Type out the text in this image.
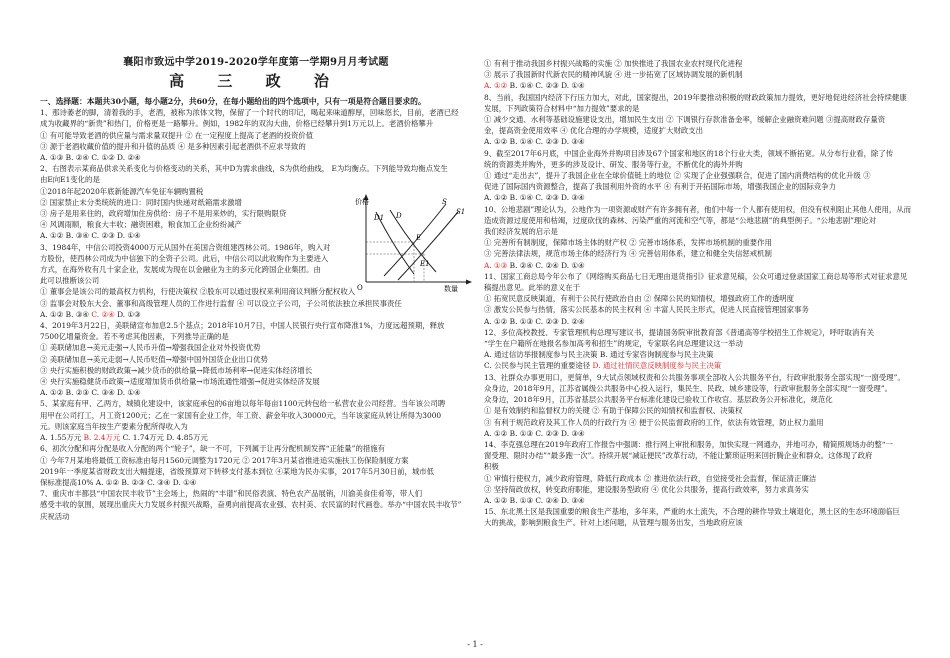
襄阳市致远中学2019-2020学年度第一学期9月月考试题
高 三 政 治
一、选择题：本题共30小题，每小题2分，共60分，在每小题给出的四个选项中，只有一项是符合题目要求的。
1、那诗萎老的脚，清着我的手，老酒，被称为浓体文物，保留了一个时代的印记，喝起来味道醇厚，回味悠长，目前，老酒已经
成为收藏界的“新贵”和热门，价格更是一路攀升。例如，1982年的双沟大曲，价格已经攀升到1万元以上。老酒价格攀升
① 有可能导致老酒的供应量与需求量双提升 ② 在一定程度上提高了老酒的投资价值
③ 源于老酒收藏价值的提升和升值的品质 ④ 是多种因素引起老酒供不应求导致的
A. ①③ B. ②④ C. ①② D. ②④
2、右图表示某商品供求关系变化与价格变动的关系，其中D为需求曲线，S为供给曲线， E为均衡点。下列能导致均衡点发生
由E向E1变化的是
①2018年起2020年底新能源汽车免征车辆购置税
② 国家禁止未分类统统的进口：同时国内快递对纸箱需求激增
③ 房子是用来住的，政府增加住房供给：房子不是用来炒的，实行限购限贷
④ 风调雨顺，粮食大丰收；融资困难，粮食加工企业纷纷减产
A. ①② B. ③④ C. ②③ D. ①④
3、1984年，中信公司投资4000万元从国外在美国合资组建西林公司。1986年，购入对
方股份，使西林公司成为中信独下的全资子公司。此后，中信公司以此收购作为主要进入
方式，在海外收有几十家企业，发展成为现在以金融业为主的多元化跨国企业集团。由
此可以推断该公司
① 董事会是该公司的最高权力机构，行使决策权 ②股东可以通过股权来利用商议判断分配权收入
③ 监事会对股东大会、董事和高级管理人员的工作进行监督 ④ 可以设立子公司，子公司依法独立承担民事责任
A. ①② B. ③④ C. ②④ D. ①③
4、2019年3月22日，美联储宣布加息2.5个基点；2018年10月7日，中国人民银行央行宣布降准1%，力度远超预期，释放
7500亿增量资金。若不考虑其他因素，下列推导正确的是
① 美联储加息→美元走强→人民币升值→增强我国企业对外投资优势
② 美联储加息→美元走弱→人民币贬值→增强中国外国货企业出口优势
③ 央行实施积极的财政政策→减少货币的供给量→降低市场利率→促进实体经济增长
④ 央行实施稳健货币政策→适度增加货币供给量→市场流通性增强→促进实体经济发展
A. ①② B. ②③ C. ③④ D. ①④
5、某家庭有甲、乙两方，城镇化建设中，该家庭承包的6亩地以每年每亩1100元转包给一私营农业公司经营。当年该公司聘
用甲在公司打工，月工资1200元；乙在一家国有企业工作，年工资、薪金年收入30000元，当年该家庭从转让所得为3000
元。则该家庭当年按生产要素分配所得收入为
A. 1.55万元 B. 2.4万元 C. 1.74万元 D. 4.85万元
6、初次分配和再分配是收入分配的两个“轮子”，缺一不可，下列属于让再分配机制发挥“正能量”的措施有
① 今年7月某地将最低工资标准由每月1560元调整为1720元 ② 2017年3月某省推进追实施扶工伤保险制度方案
2019年一季度某省财政支出大幅提速，省级预算对下转移支付基本到位 ④某地为民办实事，2017年5月30日前，城市低
保标准提高10% A. ①② B. ②③ C. ③④ D. ①④
7、重庆市丰都县“中国农民丰收节”主会场上，热闹的“丰谱”和民俗表演、特色农产品展销，川渝美食佳肴等，带人们
感受丰收的氛围，展现出重庆大力发展乡村振兴战略，奋勇向前提高农业强、农村美、农民富的时代画卷。举办“中国农民丰收节”
庆祝活动
① 有利于推动我国乡村振兴战略的实施 ② 加快推进了我国农业农村现代化进程
③ 展示了我国新时代新农民的精神风貌 ④ 进一步拓宽了区域协调发展的新机制
A. ①② B. ①④ C. ②③ D. ①④
8、当前，我国国内经济下行压力加大，对此，国家提出，2019年要推动积极的财政政策加力提效，更好地促进经济社会持续健康
发展，下列政策符合材料中“加力提效”要求的是
① 减少交通、水利等基础设施建设支出，增加民生支出 ② 下调银行存款准备金率，缓解企业融资难问题 ③提高财政存量资
金，提高资金使用效率 ④ 优化合理的办学规模，适度扩大财政支出
A. ①② B. ①④ C. ②③ D. ③④
9、截至2017年6月底，中国企业海外并购项目涉及67个国家和地区的18个行业大类，领域不断拓宽。从分布行业看，除了传
统的资源类并购外，更多的涉及设计、研发、服务等行业，不断优化的海外并购
① 通过“走出去”，提升了我国企业在全球价值链上的地位 ② 实现了企业强强联合，促进了国内消费结构的优化升级 ③
促进了国际国内资源整合，提高了我国利用外资的水平 ④ 有利于开拓国际市场，增强我国企业的国际竞争力
A. ①② B. ①④ C. ②③ D. ③④
10、公地悲剧”理论认为，公地作为一项资源或财产有许多拥有者，他们中每一个人都有使用权，但没有权利阻止其他人使用，从而
造成资源过度使用和枯竭，过度砍伐的森林、污染严重的河流和空气等，都是“公地悲剧”的典型例子。“公地悲剧”理论对
我们经济发展的启示是
① 完善所有制制度，保障市场主体的财产权 ② 完善市场体系，发挥市场机制的重要作用
③ 完善法律法规，规范市场主体的经济行为 ④ 完善信用体系，建立和健全失信惩戒机制
A. ①③ B. ②④ C. ②④ D. ①④
11、国家工商总局今年公布了《网络购买商品七日无理由退货指引》征求意见稿，公众可通过登录国家工商总局等形式对征求意见
稿提出意见。此举的意义在于
① 拓宽民意反映渠道，有利于公民行使政治自由 ② 保障公民的知情权，增强政府工作的透明度
③ 激发公民参与热情，落实公民基本的民主权利 ④ 丰富人民民主形式，促进人民直接管理国家事务
A. ①② B. ①③ C. ②③ D. ②④
12、多位高校教授、专家管理机构总理写建议书，提请国务院审批教育部《普通高等学校招生工作规定》，呼吁取消有关
“学生在户籍所在地报名参加高考和招生”的规定，专家联名向总理建议这一举动
A. 通过信访举报制度参与民主决策 B. 通过专家咨询制度参与民主决策
C. 公民参与民主管理的重要途径 D. 通过社情民意反映制度参与民主决策
13、社群众办事更用口，更简单，9大试点领域权责和公共服务事项全部收入公共服务平台，行政审批服务全部实现“一窗受理”。
众身边，2018年9月，江苏省属级公共服务中心投入运行，集民生、民政、城乡建设等，行政审批服务全部实现“一窗受理”。
众身边，2018年9月，江苏省基层公共服务平台标准化建设已验收工作收官。基层政务公开标准化，规范化
① 是有效制约和监督权力的关键 ② 有助于保障公民的知情权和监督权、决策权
③ 有利于规范政府及其工作人员的行政行为 ④ 便于公民监督政府的工作，依法有效管理，防止权力滥用
A. ①② B. ①③ C. ②③ D. ③④
14、李克强总理在2019年政府工作报告中强调：推行网上审批和服务，加快实现一网通办，并地可办，精简照规场办的整“一
窗受理、限时办结”“最多跑一次”。持续开展“减证便民”改革行动，不能让繁琐证明来回折腾企业和群众。这体现了政府
积极
① 审慎行使权力，减少政府管理，降低行政成本 ② 推进依法行政，自觉接受社会监督，保证清正廉洁
③ 坚持简政放权，转变政府职能，建设服务型政府 ④ 优化公共服务，提高行政效率，努力求真务实
A. ①② B. ①③ C. ②④ D. ③④
15、东北黑土区是我国重要的粮食生产基地，多年来，严重的水土流失，不合理的耕作导致土壤退化，黑土区的生态环境面临巨
大的挑战，影响到粮食生产。针对上述问题，从管理与服务出发，当地政府应该
价格
数量
O
D1 D
S
S1
E
E1
- 1 -
